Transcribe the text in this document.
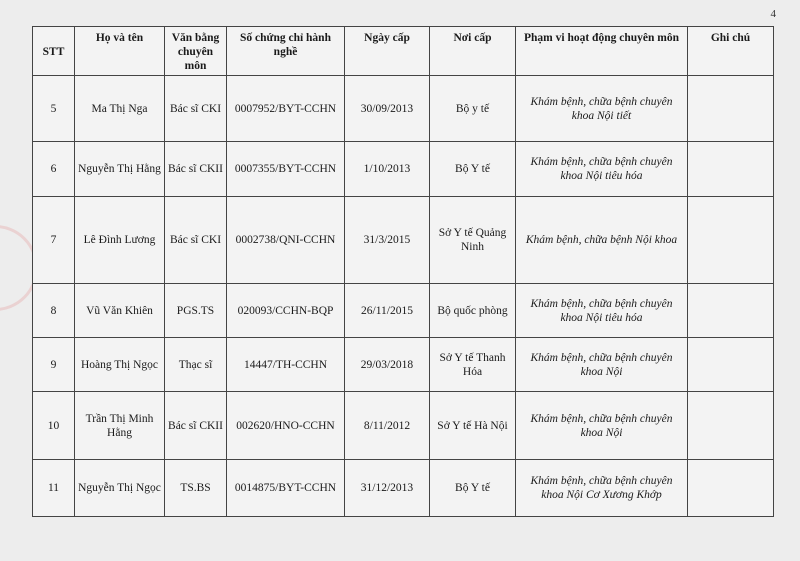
4
STT	Họ và tên	Văn bằng chuyên môn	Số chứng chỉ hành nghề	Ngày cấp	Nơi cấp	Phạm vi hoạt động chuyên môn	Ghi chú
5	Ma Thị Nga	Bác sĩ CKI	0007952/BYT-CCHN	30/09/2013	Bộ y tế	Khám bệnh, chữa bệnh chuyên khoa Nội tiết	
6	Nguyễn Thị Hằng	Bác sĩ CKII	0007355/BYT-CCHN	1/10/2013	Bộ Y tế	Khám bệnh, chữa bệnh chuyên khoa Nội tiêu hóa	
7	Lê Đình Lương	Bác sĩ CKI	0002738/QNI-CCHN	31/3/2015	Sở Y tế Quảng Ninh	Khám bệnh, chữa bệnh Nội khoa	
8	Vũ Văn Khiên	PGS.TS	020093/CCHN-BQP	26/11/2015	Bộ quốc phòng	Khám bệnh, chữa bệnh chuyên khoa Nội tiêu hóa	
9	Hoàng Thị Ngọc	Thạc sĩ	14447/TH-CCHN	29/03/2018	Sở Y tế Thanh Hóa	Khám bệnh, chữa bệnh chuyên khoa Nội	
10	Trần Thị Minh Hằng	Bác sĩ CKII	002620/HNO-CCHN	8/11/2012	Sở Y tế Hà Nội	Khám bệnh, chữa bệnh chuyên khoa Nội	
11	Nguyễn Thị Ngọc	TS.BS	0014875/BYT-CCHN	31/12/2013	Bộ Y tế	Khám bệnh, chữa bệnh chuyên khoa Nội Cơ Xương Khớp	
